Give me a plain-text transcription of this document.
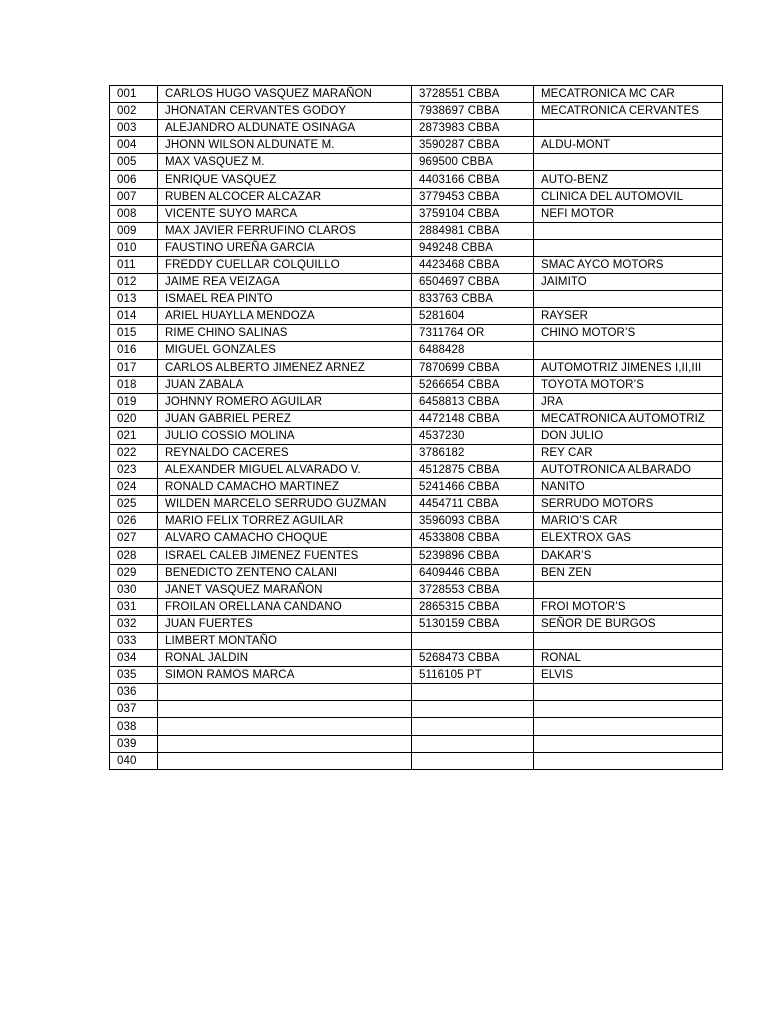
001	CARLOS HUGO VASQUEZ MARAÑON	3728551 CBBA	MECATRONICA MC CAR
002	JHONATAN CERVANTES GODOY	7938697 CBBA	MECATRONICA CERVANTES
003	ALEJANDRO ALDUNATE OSINAGA	2873983 CBBA	
004	JHONN WILSON ALDUNATE M.	3590287 CBBA	ALDU-MONT
005	MAX VASQUEZ M.	969500 CBBA	
006	ENRIQUE VASQUEZ	4403166 CBBA	AUTO-BENZ
007	RUBEN ALCOCER ALCAZAR	3779453 CBBA	CLINICA DEL AUTOMOVIL
008	VICENTE SUYO MARCA	3759104 CBBA	NEFI MOTOR
009	MAX JAVIER FERRUFINO CLAROS	2884981 CBBA	
010	FAUSTINO UREÑA GARCIA	949248 CBBA	
011	FREDDY CUELLAR COLQUILLO	4423468 CBBA	SMAC AYCO MOTORS
012	JAIME REA VEIZAGA	6504697 CBBA	JAIMITO
013	ISMAEL REA PINTO	833763 CBBA	
014	ARIEL HUAYLLA MENDOZA	5281604	RAYSER
015	RIME CHINO SALINAS	7311764 OR	CHINO MOTOR’S
016	MIGUEL GONZALES	6488428	
017	CARLOS ALBERTO JIMENEZ ARNEZ	7870699 CBBA	AUTOMOTRIZ JIMENES I,II,III
018	JUAN ZABALA	5266654 CBBA	TOYOTA MOTOR’S
019	JOHNNY ROMERO AGUILAR	6458813 CBBA	JRA
020	JUAN GABRIEL PEREZ	4472148 CBBA	MECATRONICA AUTOMOTRIZ
021	JULIO COSSIO MOLINA	4537230	DON JULIO
022	REYNALDO CACERES	3786182	REY CAR
023	ALEXANDER MIGUEL ALVARADO V.	4512875 CBBA	AUTOTRONICA ALBARADO
024	RONALD CAMACHO MARTINEZ	5241466 CBBA	NANITO
025	WILDEN MARCELO SERRUDO GUZMAN	4454711 CBBA	SERRUDO MOTORS
026	MARIO FELIX TORREZ AGUILAR	3596093 CBBA	MARIO’S CAR
027	ALVARO CAMACHO CHOQUE	4533808 CBBA	ELEXTROX GAS
028	ISRAEL CALEB JIMENEZ FUENTES	5239896 CBBA	DAKAR’S
029	BENEDICTO ZENTENO CALANI	6409446 CBBA	BEN ZEN
030	JANET VASQUEZ MARAÑON	3728553 CBBA	
031	FROILAN ORELLANA CANDANO	2865315 CBBA	FROI MOTOR’S
032	JUAN FUERTES	5130159 CBBA	SEÑOR DE BURGOS
033	LIMBERT MONTAÑO		
034	RONAL JALDIN	5268473 CBBA	RONAL
035	SIMON RAMOS MARCA	5116105 PT	ELVIS
036			
037			
038			
039			
040			
